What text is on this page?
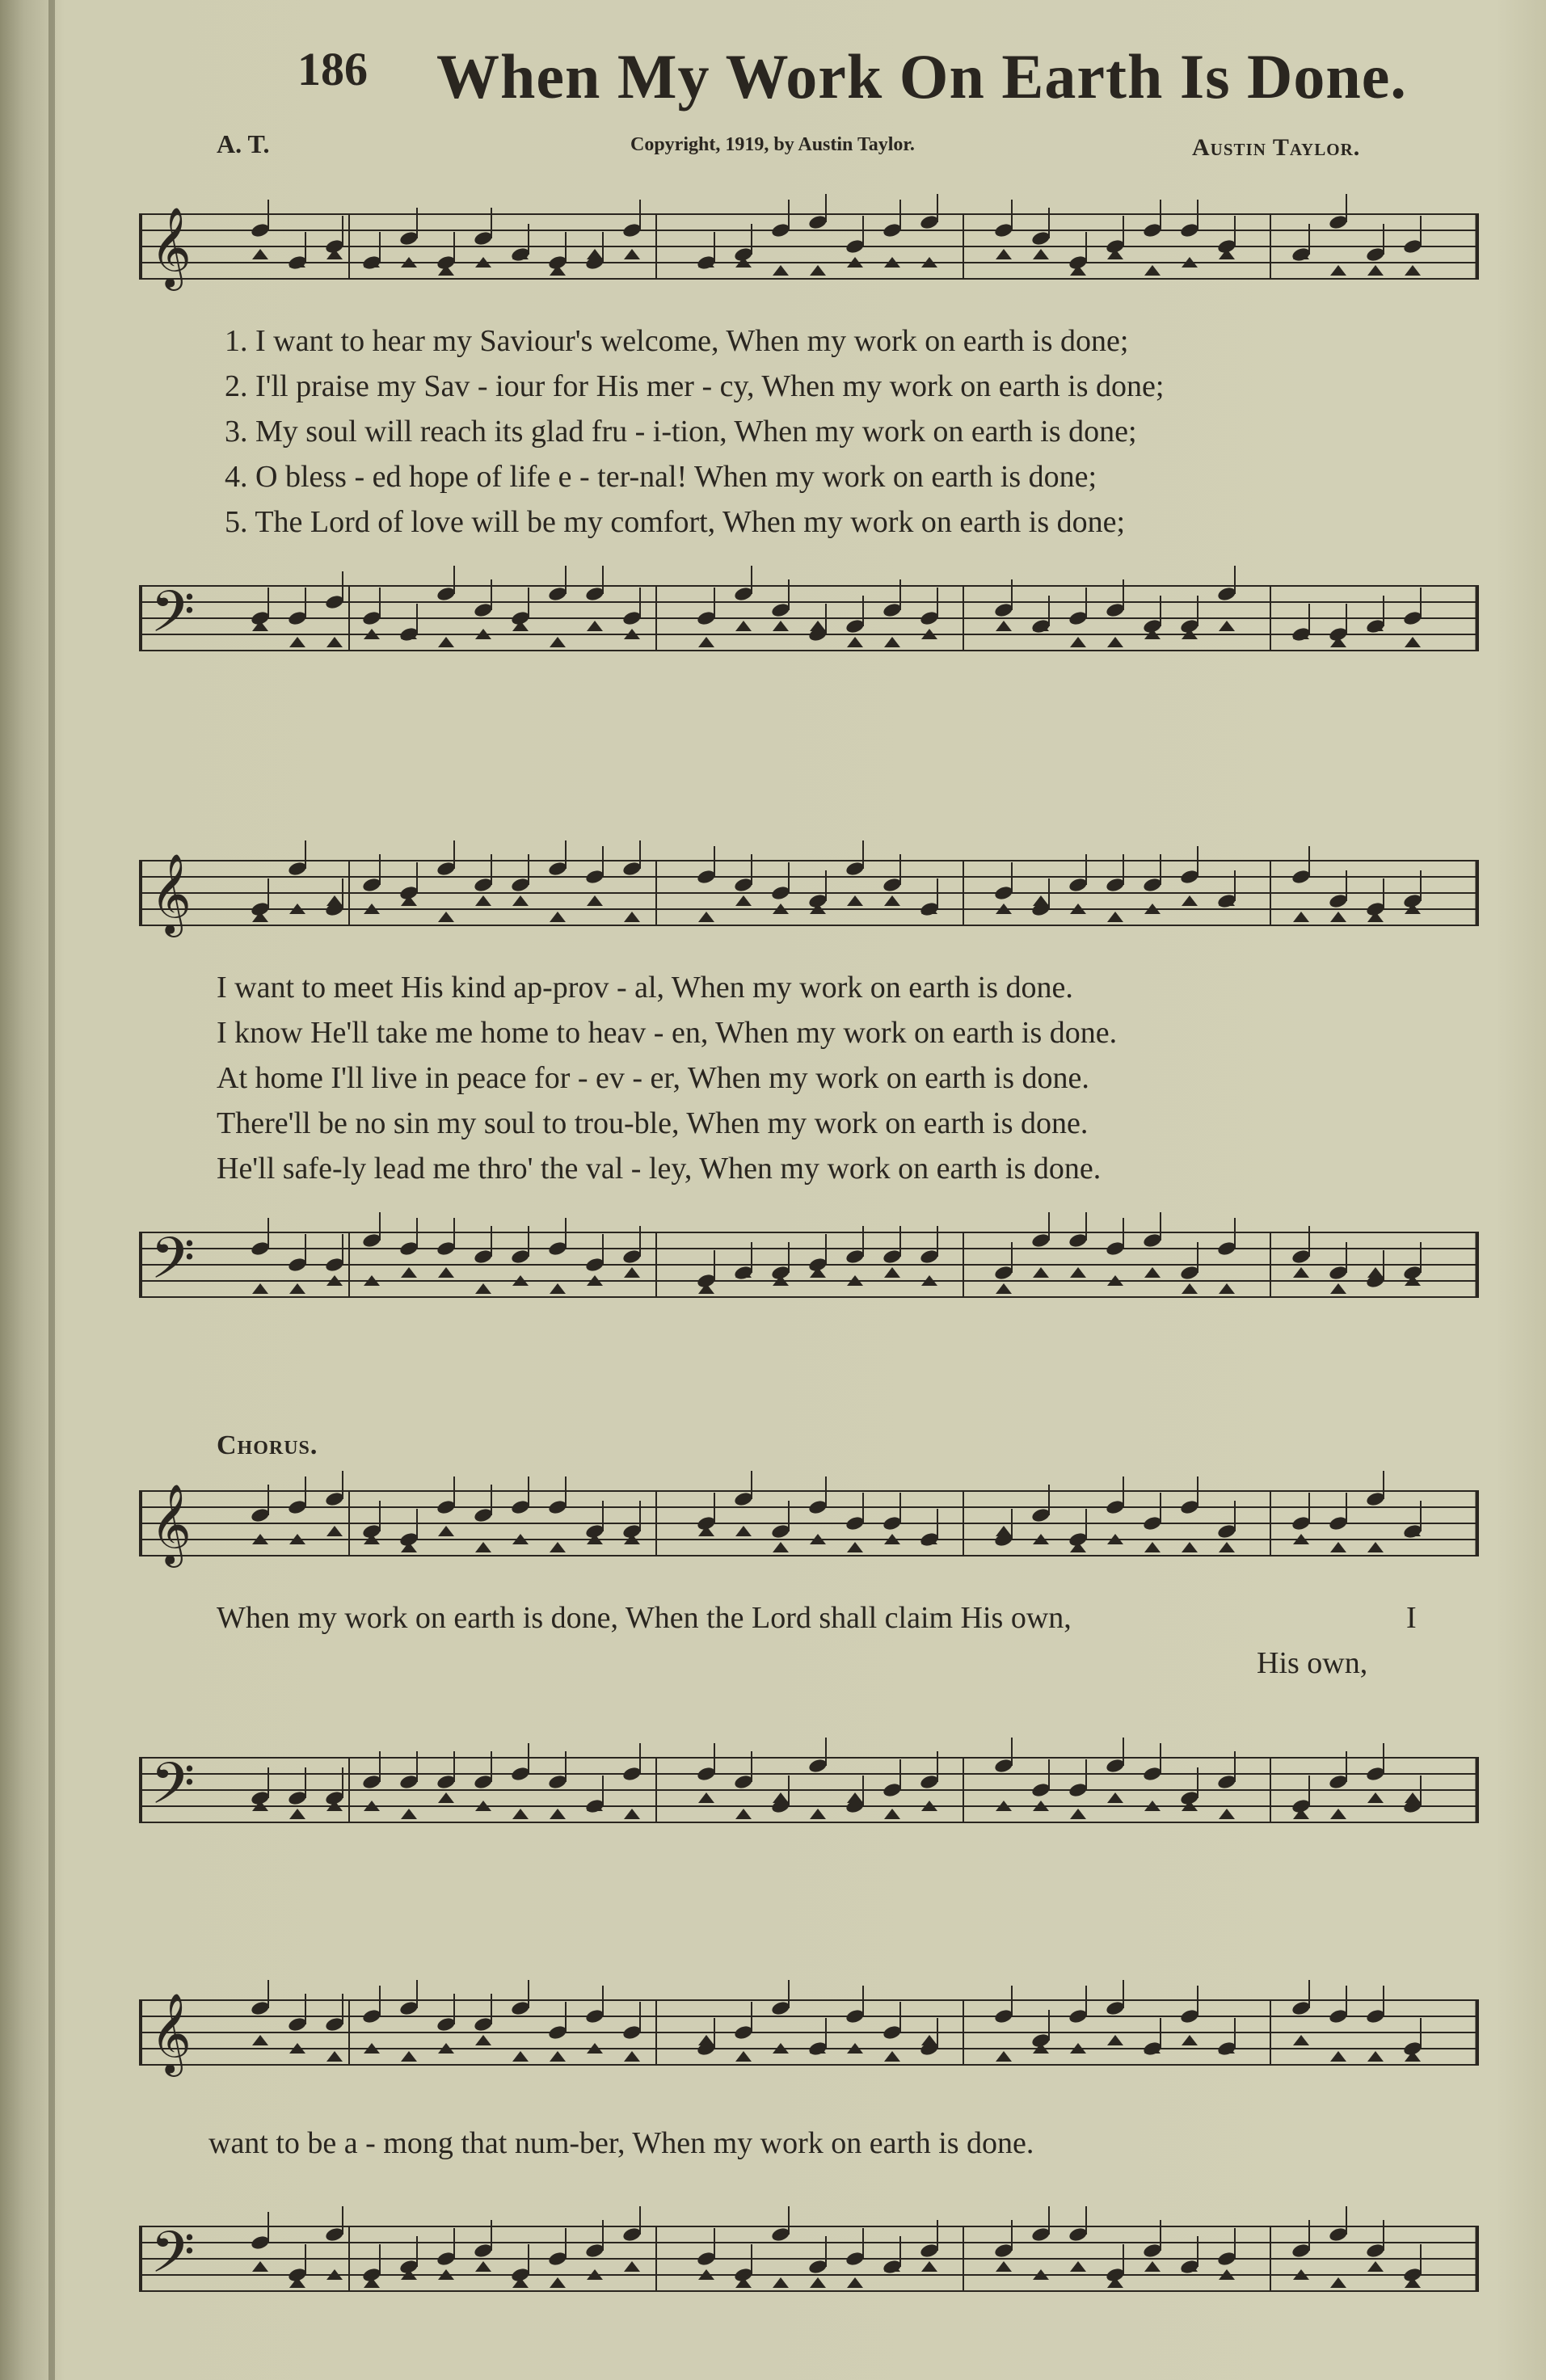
186 When My Work On Earth Is Done.
A. T.	Copyright, 1919, by Austin Taylor.	Austin Taylor.
𝄞
1. I want to hear my Saviour's welcome, When my work on earth is done;
2. I'll praise my Sav - iour for His mer - cy, When my work on earth is done;
3. My soul will reach its glad fru - i-tion, When my work on earth is done;
4. O bless - ed hope of life e - ter-nal! When my work on earth is done;
5. The Lord of love will be my comfort, When my work on earth is done;
𝄢
𝄞
I want to meet His kind ap-prov - al, When my work on earth is done.
I know He'll take me home to heav - en, When my work on earth is done.
At home I'll live in peace for - ev - er, When my work on earth is done.
There'll be no sin my soul to trou-ble, When my work on earth is done.
He'll safe-ly lead me thro' the val - ley, When my work on earth is done.
𝄢
Chorus.
𝄞
When my work on earth is done, When the Lord shall claim His own,	I
His own,
𝄢
𝄞
want to be a - mong that num-ber, When my work on earth is done.
𝄢
